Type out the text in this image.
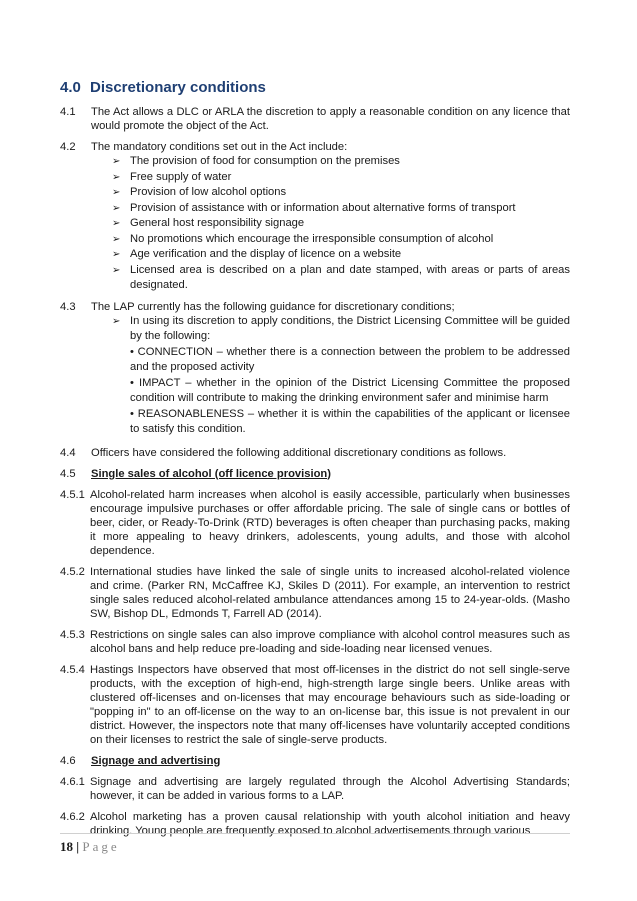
4.0 Discretionary conditions
4.1	The Act allows a DLC or ARLA the discretion to apply a reasonable condition on any licence that would promote the object of the Act.
4.2	The mandatory conditions set out in the Act include:
➢ The provision of food for consumption on the premises
➢ Free supply of water
➢ Provision of low alcohol options
➢ Provision of assistance with or information about alternative forms of transport
➢ General host responsibility signage
➢ No promotions which encourage the irresponsible consumption of alcohol
➢ Age verification and the display of licence on a website
➢ Licensed area is described on a plan and date stamped, with areas or parts of areas designated.
4.3	The LAP currently has the following guidance for discretionary conditions;
➢ In using its discretion to apply conditions, the District Licensing Committee will be guided by the following:
• CONNECTION – whether there is a connection between the problem to be addressed and the proposed activity
• IMPACT – whether in the opinion of the District Licensing Committee the proposed condition will contribute to making the drinking environment safer and minimise harm
• REASONABLENESS – whether it is within the capabilities of the applicant or licensee to satisfy this condition.
4.4	Officers have considered the following additional discretionary conditions as follows.
4.5	Single sales of alcohol (off licence provision)
4.5.1 Alcohol-related harm increases when alcohol is easily accessible, particularly when businesses encourage impulsive purchases or offer affordable pricing. The sale of single cans or bottles of beer, cider, or Ready-To-Drink (RTD) beverages is often cheaper than purchasing packs, making it more appealing to heavy drinkers, adolescents, young adults, and those with alcohol dependence.
4.5.2 International studies have linked the sale of single units to increased alcohol-related violence and crime. (Parker RN, McCaffree KJ, Skiles D (2011). For example, an intervention to restrict single sales reduced alcohol-related ambulance attendances among 15 to 24-year-olds. (Masho SW, Bishop DL, Edmonds T, Farrell AD (2014).
4.5.3 Restrictions on single sales can also improve compliance with alcohol control measures such as alcohol bans and help reduce pre-loading and side-loading near licensed venues.
4.5.4 Hastings Inspectors have observed that most off-licenses in the district do not sell single-serve products, with the exception of high-end, high-strength large single beers. Unlike areas with clustered off-licenses and on-licenses that may encourage behaviours such as side-loading or "popping in" to an off-license on the way to an on-license bar, this issue is not prevalent in our district. However, the inspectors note that many off-licenses have voluntarily accepted conditions on their licenses to restrict the sale of single-serve products.
4.6	Signage and advertising
4.6.1 Signage and advertising are largely regulated through the Alcohol Advertising Standards; however, it can be added in various forms to a LAP.
4.6.2 Alcohol marketing has a proven causal relationship with youth alcohol initiation and heavy drinking. Young people are frequently exposed to alcohol advertisements through various
18 | Page
